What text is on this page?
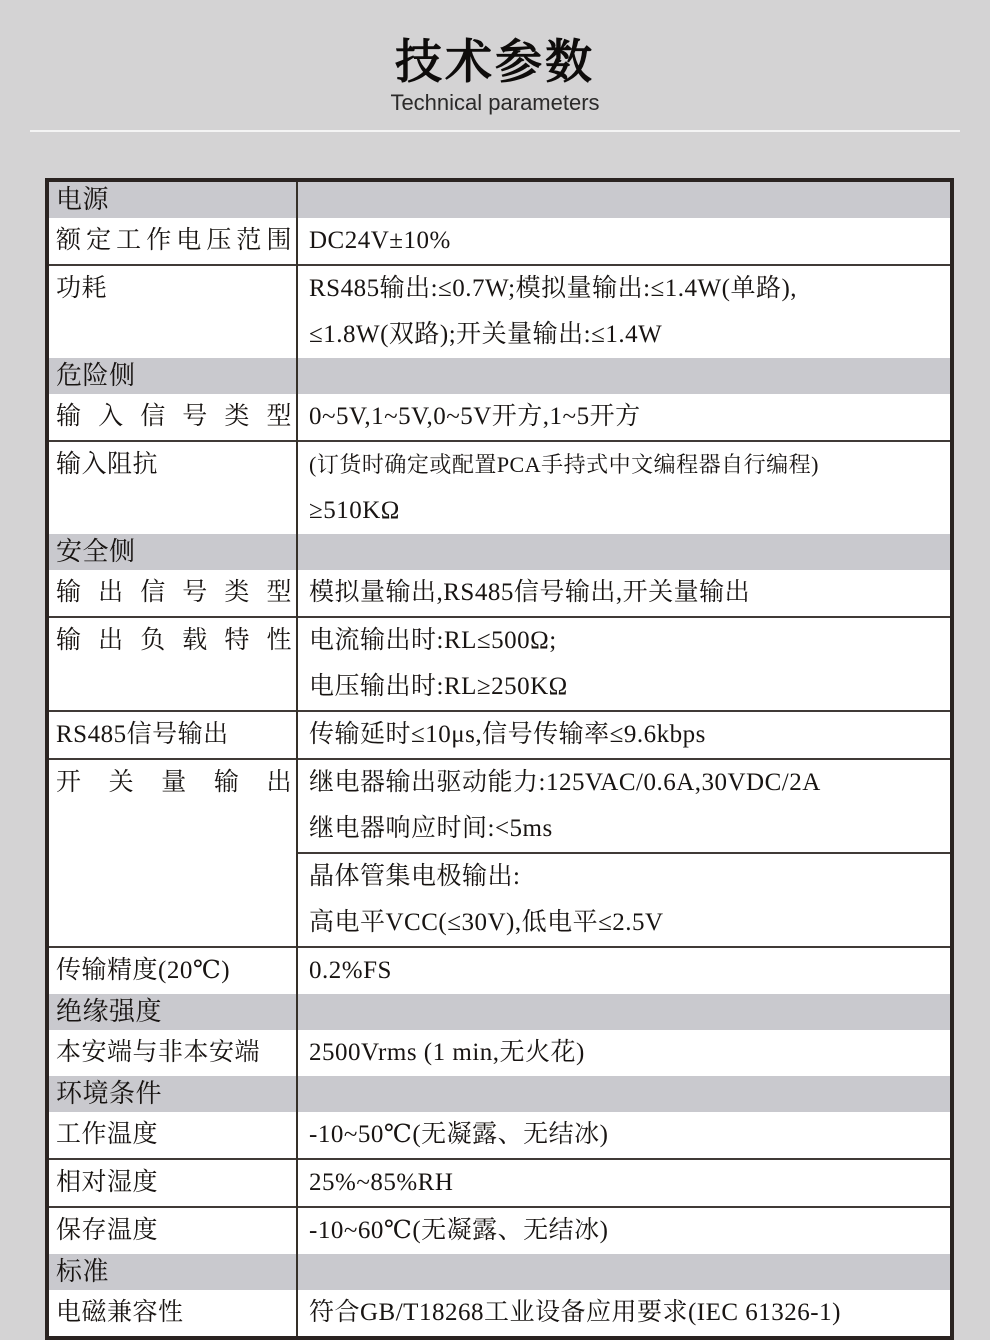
技术参数
Technical parameters
电源	

额定工作电压范围	DC24V±10%

功耗	RS485输出:≤0.7W;模拟量输出:≤1.4W(单路),
≤1.8W(双路);开关量输出:≤1.4W

危险侧	

输入信号类型	0~5V,1~5V,0~5V开方,1~5开方

输入阻抗	(订货时确定或配置PCA手持式中文编程器自行编程)
≥510KΩ

安全侧	

输出信号类型	模拟量输出,RS485信号输出,开关量输出

输出负载特性	电流输出时:RL≤500Ω;
电压输出时:RL≥250KΩ

RS485信号输出	传输延时≤10μs,信号传输率≤9.6kbps

开关量输出	继电器输出驱动能力:125VAC/0.6A,30VDC/2A
继电器响应时间:<5ms

	晶体管集电极输出:
高电平VCC(≤30V),低电平≤2.5V

传输精度(20℃)	0.2%FS

绝缘强度	

本安端与非本安端	2500Vrms (1 min,无火花)

环境条件	

工作温度	-10~50℃(无凝露、无结冰)

相对湿度	25%~85%RH

保存温度	-10~60℃(无凝露、无结冰)

标准	

电磁兼容性	符合GB/T18268工业设备应用要求(IEC 61326-1)
